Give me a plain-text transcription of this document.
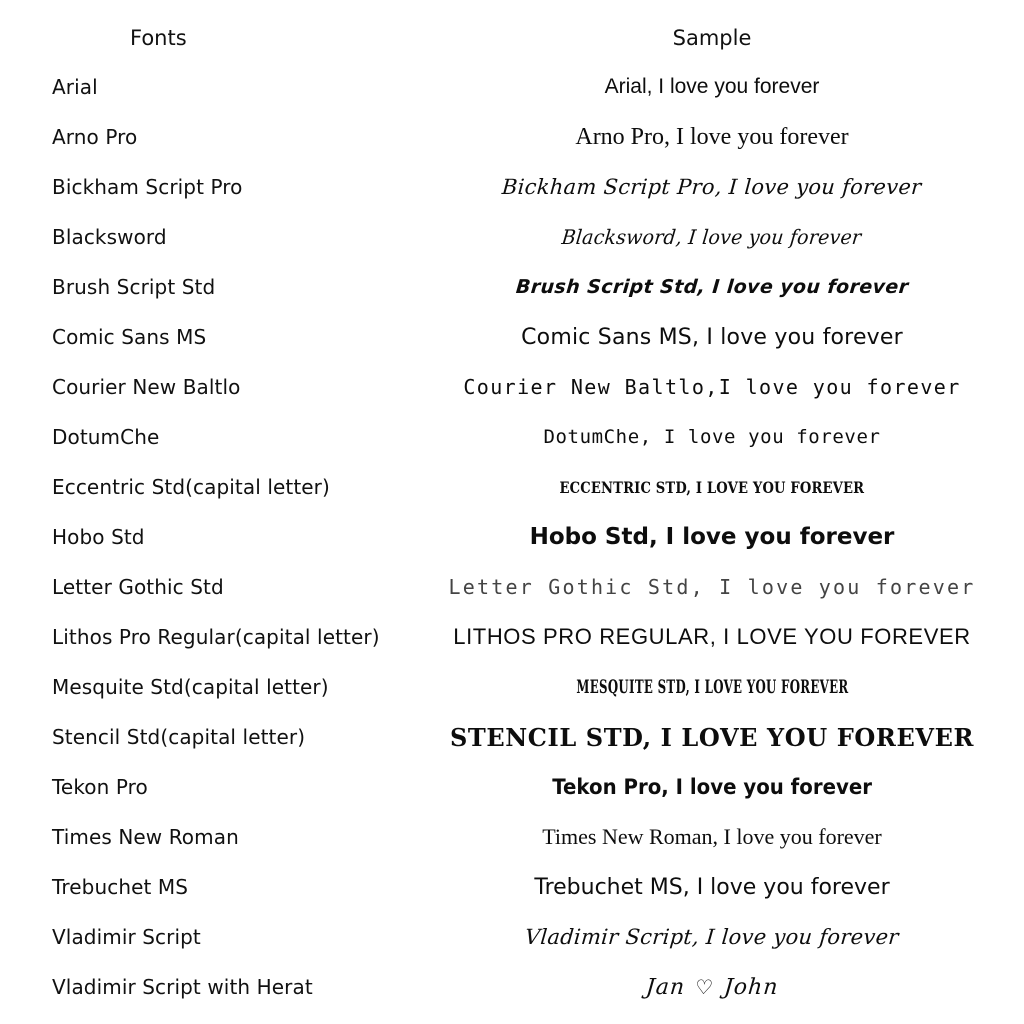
Fonts	Sample
Arial	Arial, I love you forever
Arno Pro	Arno Pro, I love you forever
Bickham Script Pro	Bickham Script Pro, I love you forever
Blacksword	Blacksword, I love you forever
Brush Script Std	Brush Script Std, I love you forever
Comic Sans MS	Comic Sans MS, I love you forever
Courier New Baltlo	Courier New Baltlo,I love you forever
DotumChe	DotumChe, I love you forever
Eccentric Std(capital letter)	ECCENTRIC STD, I LOVE YOU FOREVER
Hobo Std	Hobo Std, I love you forever
Letter Gothic Std	Letter Gothic Std, I love you forever
Lithos Pro Regular(capital letter)	LITHOS PRO REGULAR, I LOVE YOU FOREVER
Mesquite Std(capital letter)	MESQUITE STD, I LOVE YOU FOREVER
Stencil Std(capital letter)	STENCIL STD, I LOVE YOU FOREVER
Tekon Pro	Tekon Pro, I love you forever
Times New Roman	Times New Roman, I love you forever
Trebuchet MS	Trebuchet MS, I love you forever
Vladimir Script	Vladimir Script, I love you forever
Vladimir Script with Herat	Jan ♡ John
